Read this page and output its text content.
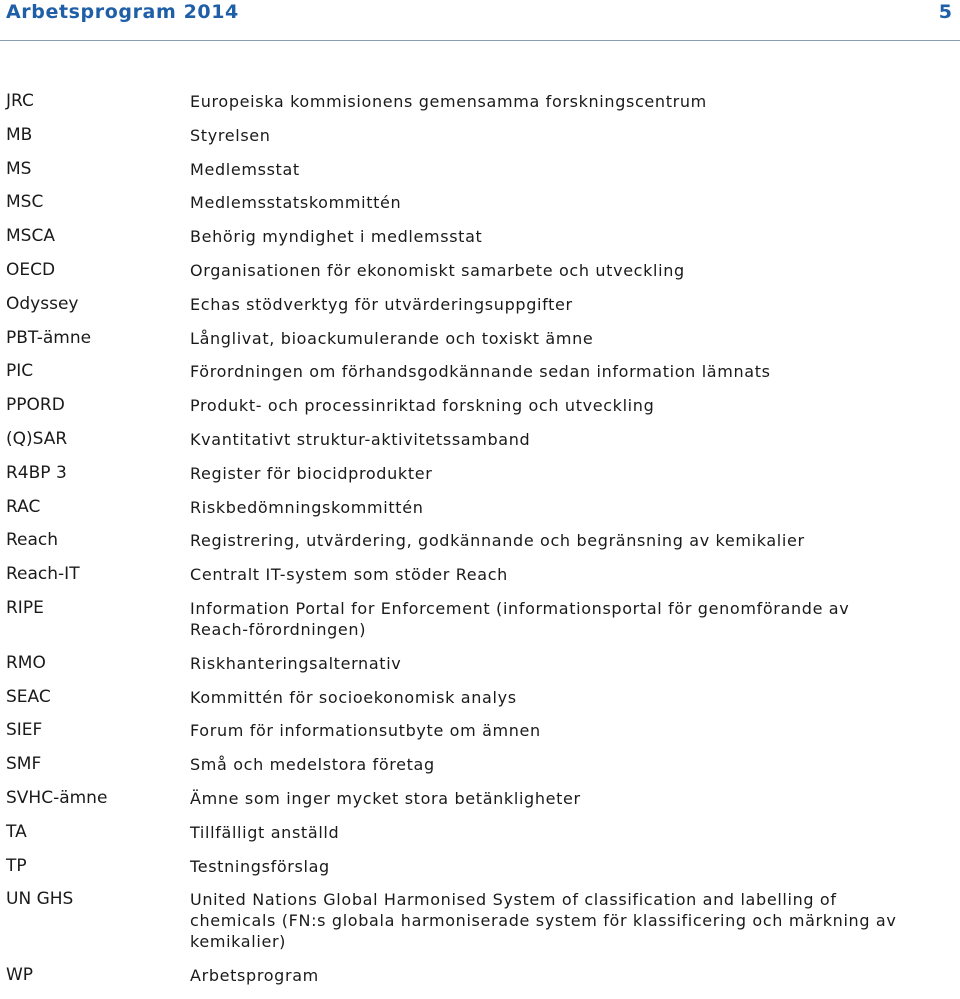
Arbetsprogram 2014	5
JRC	Europeiska kommisionens gemensamma forskningscentrum
MB	Styrelsen
MS	Medlemsstat
MSC	Medlemsstatskommittén
MSCA	Behörig myndighet i medlemsstat
OECD	Organisationen för ekonomiskt samarbete och utveckling
Odyssey	Echas stödverktyg för utvärderingsuppgifter
PBT-ämne	Långlivat, bioackumulerande och toxiskt ämne
PIC	Förordningen om förhandsgodkännande sedan information lämnats
PPORD	Produkt- och processinriktad forskning och utveckling
(Q)SAR	Kvantitativt struktur-aktivitetssamband
R4BP 3	Register för biocidprodukter
RAC	Riskbedömningskommittén
Reach	Registrering, utvärdering, godkännande och begränsning av kemikalier
Reach-IT	Centralt IT-system som stöder Reach
RIPE	Information Portal for Enforcement (informationsportal för genomförande av Reach-förordningen)
RMO	Riskhanteringsalternativ
SEAC	Kommittén för socioekonomisk analys
SIEF	Forum för informationsutbyte om ämnen
SMF	Små och medelstora företag
SVHC-ämne	Ämne som inger mycket stora betänkligheter
TA	Tillfälligt anställd
TP	Testningsförslag
UN GHS	United Nations Global Harmonised System of classification and labelling of chemicals (FN:s globala harmoniserade system för klassificering och märkning av kemikalier)
WP	Arbetsprogram
